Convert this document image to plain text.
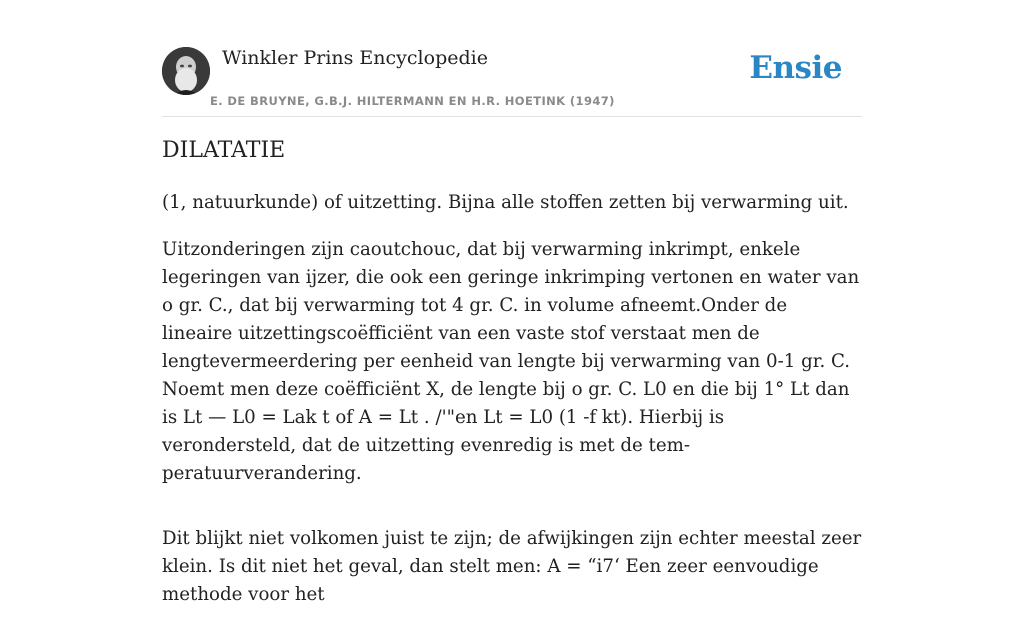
Winkler Prins Encyclopedie
E. DE BRUYNE, G.B.J. HILTERMANN EN H.R. HOETINK (1947)
Ensie
DILATATIE

(1, natuurkunde) of uitzetting. Bijna alle stoffen zetten bij verwarming uit.

Uitzonderingen zijn caoutchouc, dat bij verwarming inkrimpt, enkele legeringen van ijzer, die ook een geringe inkrimping vertonen en water van o gr. C., dat bij verwarming tot 4 gr. C. in volume afneemt.Onder de lineaire uitzettingscoëfficiënt van een vaste stof verstaat men de lengtevermeerdering per eenheid van lengte bij verwarming van 0-1 gr. C. Noemt men deze coëfficiënt X, de lengte bij o gr. C. L0 en die bij 1° Lt dan is Lt — L0 = Lak t of A = Lt . /'"en Lt = L0 (1 -f kt). Hierbij is verondersteld, dat de uitzetting evenredig is met de tem-peratuurverandering.

Dit blijkt niet volkomen juist te zijn; de afwijkingen zijn echter meestal zeer klein. Is dit niet het geval, dan stelt men: A = “i7‘ Een zeer eenvoudige methode voor het
